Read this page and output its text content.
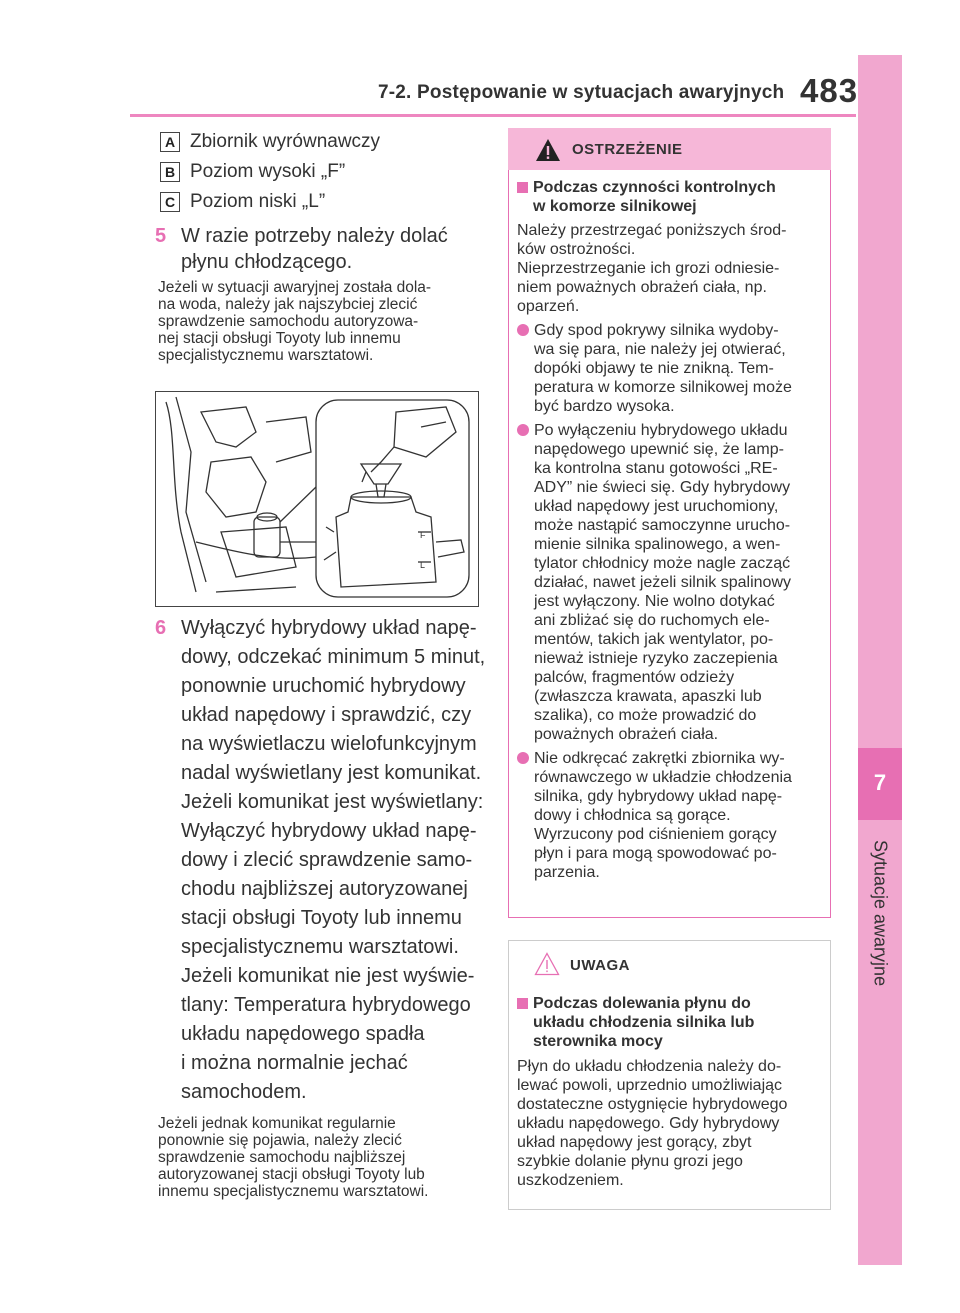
7-2. Postępowanie w sytuacjach awaryjnych 483
7
Sytuacje awaryjne
A Zbiornik wyrównawczy
B Poziom wysoki „F”
C Poziom niski „L”
5 W razie potrzeby należy dolać
płynu chłodzącego.
Jeżeli w sytuacji awaryjnej została dola-
na woda, należy jak najszybciej zlecić
sprawdzenie samochodu autoryzowa-
nej stacji obsługi Toyoty lub innemu
specjalistycznemu warsztatowi.
F
L
6 Wyłączyć hybrydowy układ napę-
dowy, odczekać minimum 5 minut,
ponownie uruchomić hybrydowy
układ napędowy i sprawdzić, czy
na wyświetlaczu wielofunkcyjnym
nadal wyświetlany jest komunikat.
Jeżeli komunikat jest wyświetlany:
Wyłączyć hybrydowy układ napę-
dowy i zlecić sprawdzenie samo-
chodu najbliższej autoryzowanej
stacji obsługi Toyoty lub innemu
specjalistycznemu warsztatowi.
Jeżeli komunikat nie jest wyświe-
tlany: Temperatura hybrydowego
układu napędowego spadła
i można normalnie jechać
samochodem.
Jeżeli jednak komunikat regularnie
ponownie się pojawia, należy zlecić
sprawdzenie samochodu najbliższej
autoryzowanej stacji obsługi Toyoty lub
innemu specjalistycznemu warsztatowi.
OSTRZEŻENIE
Podczas czynności kontrolnych
w komorze silnikowej
Należy przestrzegać poniższych środ-
ków ostrożności.
Nieprzestrzeganie ich grozi odniesie-
niem poważnych obrażeń ciała, np.
oparzeń.
Gdy spod pokrywy silnika wydoby-
wa się para, nie należy jej otwierać,
dopóki objawy te nie znikną. Tem-
peratura w komorze silnikowej może
być bardzo wysoka.
Po wyłączeniu hybrydowego układu
napędowego upewnić się, że lamp-
ka kontrolna stanu gotowości „RE-
ADY” nie świeci się. Gdy hybrydowy
układ napędowy jest uruchomiony,
może nastąpić samoczynne urucho-
mienie silnika spalinowego, a wen-
tylator chłodnicy może nagle zacząć
działać, nawet jeżeli silnik spalinowy
jest wyłączony. Nie wolno dotykać
ani zbliżać się do ruchomych ele-
mentów, takich jak wentylator, po-
nieważ istnieje ryzyko zaczepienia
palców, fragmentów odzieży
(zwłaszcza krawata, apaszki lub
szalika), co może prowadzić do
poważnych obrażeń ciała.
Nie odkręcać zakrętki zbiornika wy-
równawczego w układzie chłodzenia
silnika, gdy hybrydowy układ napę-
dowy i chłodnica są gorące.
Wyrzucony pod ciśnieniem gorący
płyn i para mogą spowodować po-
parzenia.
UWAGA
Podczas dolewania płynu do
układu chłodzenia silnika lub
sterownika mocy
Płyn do układu chłodzenia należy do-
lewać powoli, uprzednio umożliwiając
dostateczne ostygnięcie hybrydowego
układu napędowego. Gdy hybrydowy
układ napędowy jest gorący, zbyt
szybkie dolanie płynu grozi jego
uszkodzeniem.
